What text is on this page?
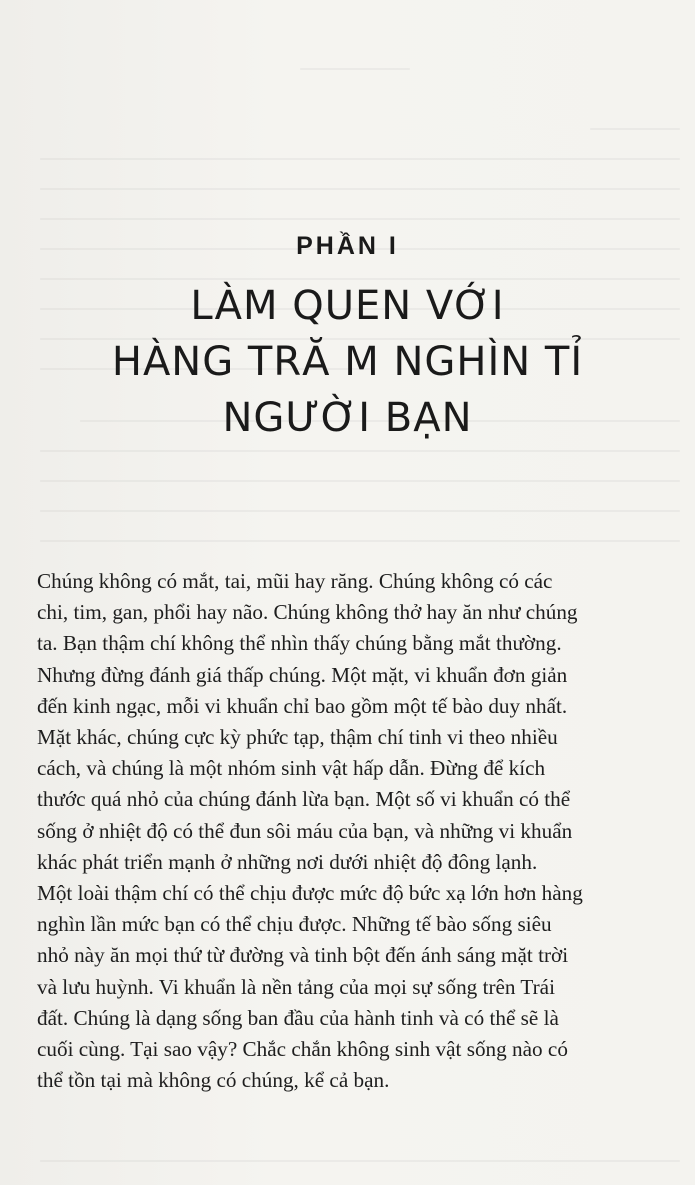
PHẦN I
LÀM QUEN VỚI
HÀNG TRĂ M NGHÌN TỈ
NGƯỜI BẠN
Chúng không có mắt, tai, mũi hay răng. Chúng không có các
chi, tim, gan, phổi hay não. Chúng không thở hay ăn như chúng
ta. Bạn thậm chí không thể nhìn thấy chúng bằng mắt thường.
Nhưng đừng đánh giá thấp chúng. Một mặt, vi khuẩn đơn giản
đến kinh ngạc, mỗi vi khuẩn chỉ bao gồm một tế bào duy nhất.
Mặt khác, chúng cực kỳ phức tạp, thậm chí tinh vi theo nhiều
cách, và chúng là một nhóm sinh vật hấp dẫn. Đừng để kích
thước quá nhỏ của chúng đánh lừa bạn. Một số vi khuẩn có thể
sống ở nhiệt độ có thể đun sôi máu của bạn, và những vi khuẩn
khác phát triển mạnh ở những nơi dưới nhiệt độ đông lạnh.
Một loài thậm chí có thể chịu được mức độ bức xạ lớn hơn hàng
nghìn lần mức bạn có thể chịu được. Những tế bào sống siêu
nhỏ này ăn mọi thứ từ đường và tinh bột đến ánh sáng mặt trời
và lưu huỳnh. Vi khuẩn là nền tảng của mọi sự sống trên Trái
đất. Chúng là dạng sống ban đầu của hành tinh và có thể sẽ là
cuối cùng. Tại sao vậy? Chắc chắn không sinh vật sống nào có
thể tồn tại mà không có chúng, kể cả bạn.
